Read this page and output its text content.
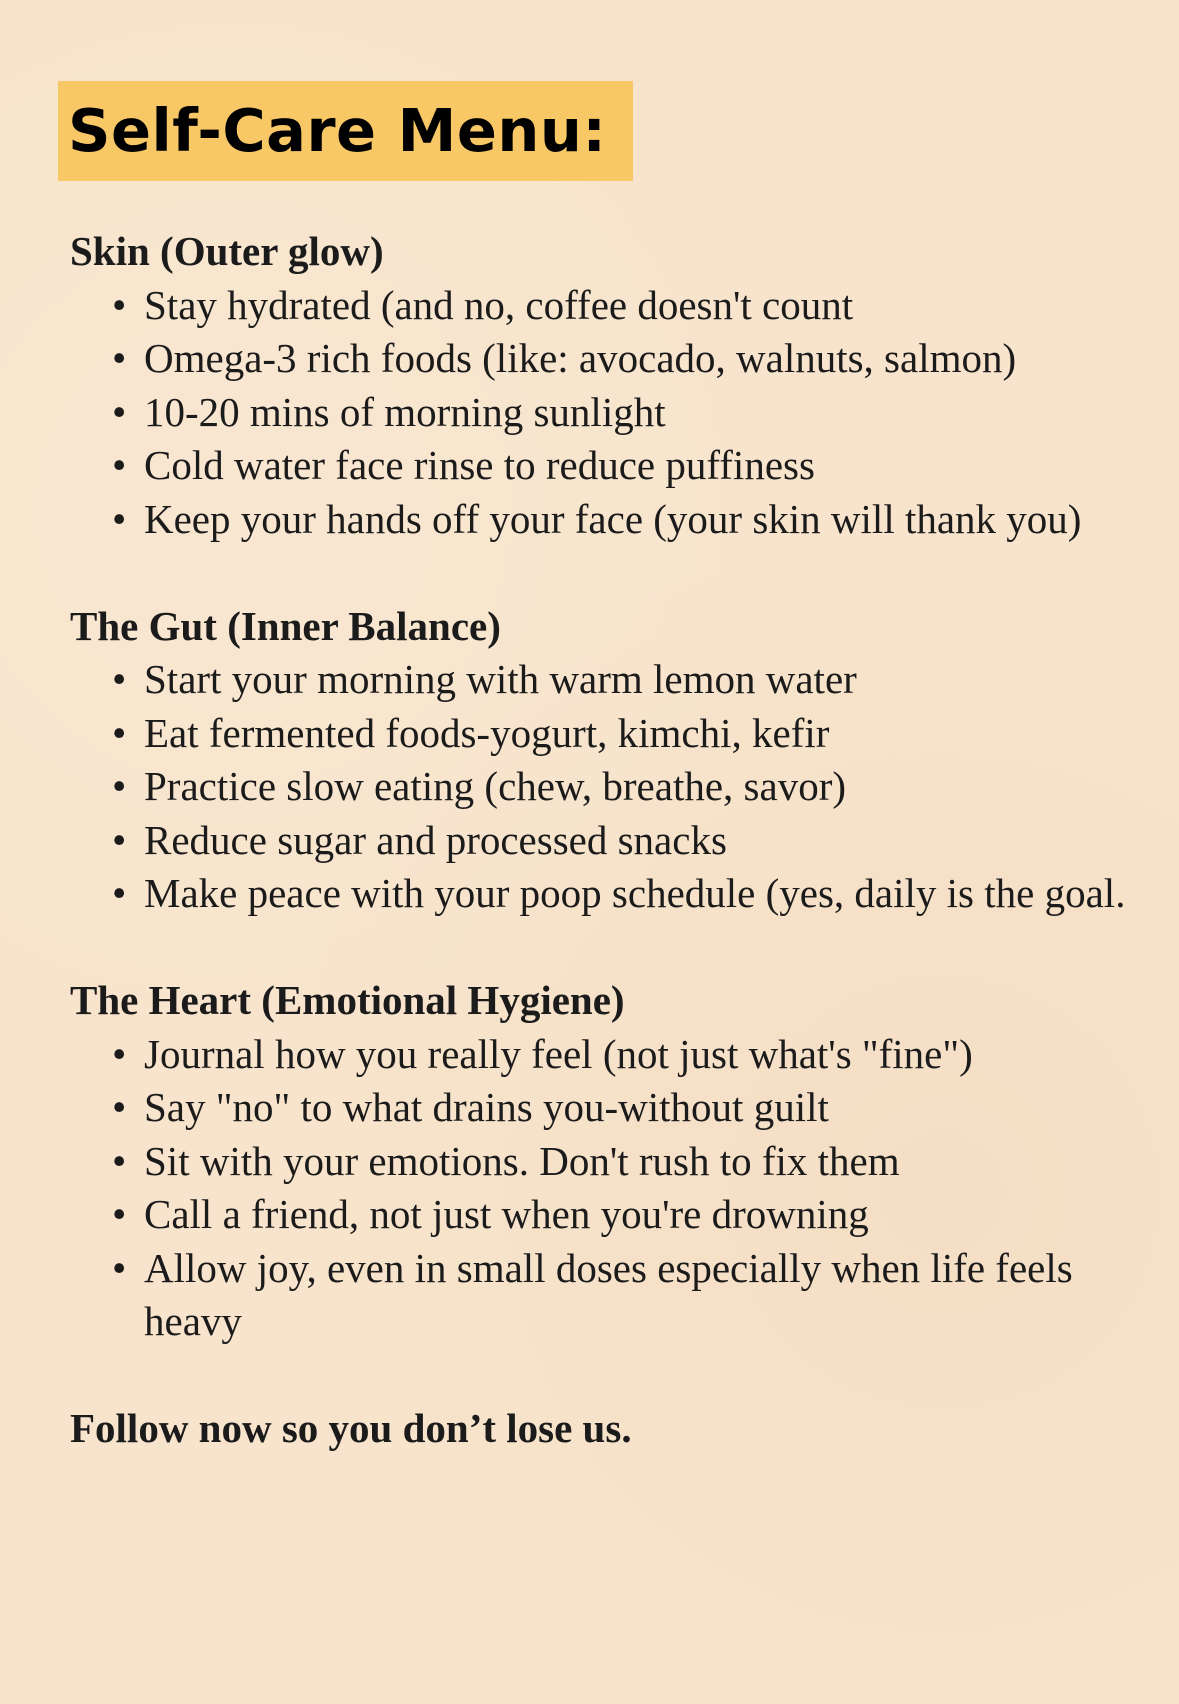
Self-Care Menu:

Skin (Outer glow)

• Stay hydrated (and no, coffee doesn't count
• Omega-3 rich foods (like: avocado, walnuts, salmon)
• 10-20 mins of morning sunlight
• Cold water face rinse to reduce puffiness
• Keep your hands off your face (your skin will thank you)

The Gut (Inner Balance)

• Start your morning with warm lemon water
• Eat fermented foods-yogurt, kimchi, kefir
• Practice slow eating (chew, breathe, savor)
• Reduce sugar and processed snacks
• Make peace with your poop schedule (yes, daily is the goal.

The Heart (Emotional Hygiene)

• Journal how you really feel (not just what's "fine")
• Say "no" to what drains you-without guilt
• Sit with your emotions. Don't rush to fix them
• Call a friend, not just when you're drowning
• Allow joy, even in small doses especially when life feels heavy

Follow now so you don’t lose us.
